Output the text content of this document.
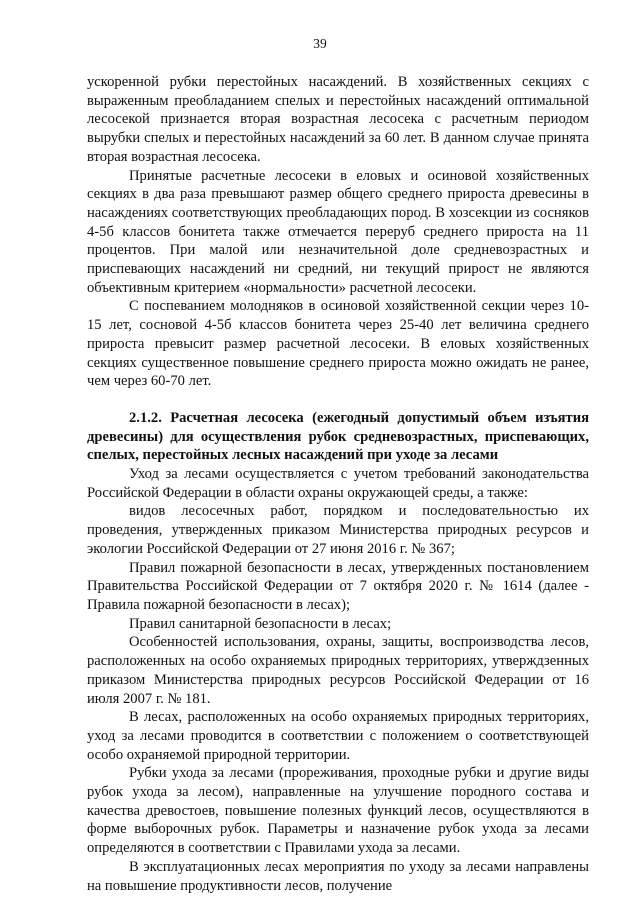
39

ускоренной рубки перестойных насаждений. В хозяйственных секциях с выраженным преобладанием спелых и перестойных насаждений оптимальной лесосекой признается вторая возрастная лесосека с расчетным периодом вырубки спелых и перестойных насаждений за 60 лет. В данном случае принята вторая возрастная лесосека.

Принятые расчетные лесосеки в еловых и осиновой хозяйственных секциях в два раза превышают размер общего среднего прироста древесины в насаждениях соответствующих преобладающих пород. В хозсекции из сосняков 4-5б классов бонитета также отмечается переруб среднего прироста на 11 процентов. При малой или незначительной доле средневозрастных и приспевающих насаждений ни средний, ни текущий прирост не являются объективным критерием «нормальности» расчетной лесосеки.

С поспеванием молодняков в осиновой хозяйственной секции через 10-15 лет, сосновой 4-5б классов бонитета через 25-40 лет величина среднего прироста превысит размер расчетной лесосеки. В еловых хозяйственных секциях существенное повышение среднего прироста можно ожидать не ранее, чем через 60-70 лет.

2.1.2. Расчетная лесосека (ежегодный допустимый объем изъятия древесины) для осуществления рубок средневозрастных, приспевающих, спелых, перестойных лесных насаждений при уходе за лесами

Уход за лесами осуществляется с учетом требований законодательства Российской Федерации в области охраны окружающей среды, а также:

видов лесосечных работ, порядком и последовательностью их проведения, утвержденных приказом Министерства природных ресурсов и экологии Российской Федерации от 27 июня 2016 г. № 367;

Правил пожарной безопасности в лесах, утвержденных постановлением Правительства Российской Федерации от 7 октября 2020 г. № 1614 (далее - Правила пожарной безопасности в лесах);

Правил санитарной безопасности в лесах;

Особенностей использования, охраны, защиты, воспроизводства лесов, расположенных на особо охраняемых природных территориях, утверждзенных приказом Министерства природных ресурсов Российской Федерации от 16 июля 2007 г. № 181.

В лесах, расположенных на особо охраняемых природных территориях, уход за лесами проводится в соответствии с положением о соответствующей особо охраняемой природной территории.

Рубки ухода за лесами (прореживания, проходные рубки и другие виды рубок ухода за лесом), направленные на улучшение породного состава и качества древостоев, повышение полезных функций лесов, осуществляются в форме выборочных рубок. Параметры и назначение рубок ухода за лесами определяются в соответствии с Правилами ухода за лесами.

В эксплуатационных лесах мероприятия по уходу за лесами направлены на повышение продуктивности лесов, получение
